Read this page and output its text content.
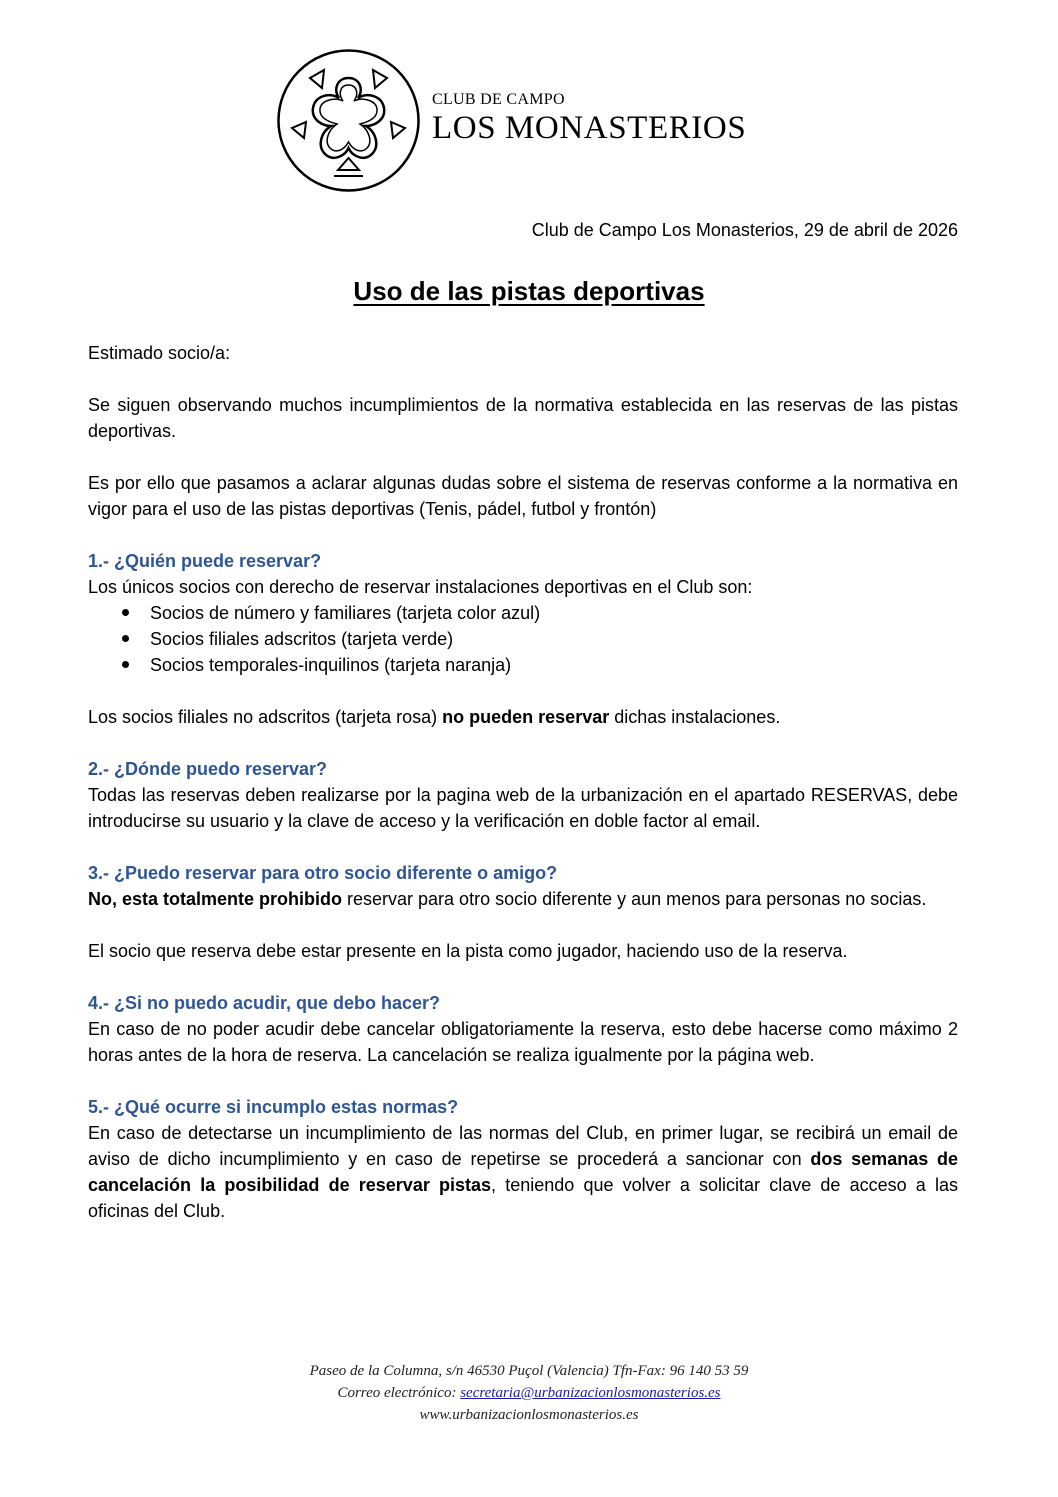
CLUB DE CAMPO
LOS MONASTERIOS
Club de Campo Los Monasterios, 29 de abril de 2026
Uso de las pistas deportivas

Estimado socio/a:

Se siguen observando muchos incumplimientos de la normativa establecida en las reservas de las pistas deportivas.

Es por ello que pasamos a aclarar algunas dudas sobre el sistema de reservas conforme a la normativa en vigor para el uso de las pistas deportivas (Tenis, pádel, futbol y frontón)

1.- ¿Quién puede reservar?

Los únicos socios con derecho de reservar instalaciones deportivas en el Club son:

Socios de número y familiares (tarjeta color azul)
Socios filiales adscritos (tarjeta verde)
Socios temporales-inquilinos (tarjeta naranja)

Los socios filiales no adscritos (tarjeta rosa) no pueden reservar dichas instalaciones.

2.- ¿Dónde puedo reservar?

Todas las reservas deben realizarse por la pagina web de la urbanización en el apartado RESERVAS, debe introducirse su usuario y la clave de acceso y la verificación en doble factor al email.

3.- ¿Puedo reservar para otro socio diferente o amigo?

No, esta totalmente prohibido reservar para otro socio diferente y aun menos para personas no socias.

El socio que reserva debe estar presente en la pista como jugador, haciendo uso de la reserva.

4.- ¿Si no puedo acudir, que debo hacer?

En caso de no poder acudir debe cancelar obligatoriamente la reserva, esto debe hacerse como máximo 2 horas antes de la hora de reserva. La cancelación se realiza igualmente por la página web.

5.- ¿Qué ocurre si incumplo estas normas?

En caso de detectarse un incumplimiento de las normas del Club, en primer lugar, se recibirá un email de aviso de dicho incumplimiento y en caso de repetirse se procederá a sancionar con dos semanas de cancelación la posibilidad de reservar pistas, teniendo que volver a solicitar clave de acceso a las oficinas del Club.

Paseo de la Columna, s/n 46530 Puçol (Valencia) Tfn-Fax: 96 140 53 59
Correo electrónico: secretaria@urbanizacionlosmonasterios.es
www.urbanizacionlosmonasterios.es
